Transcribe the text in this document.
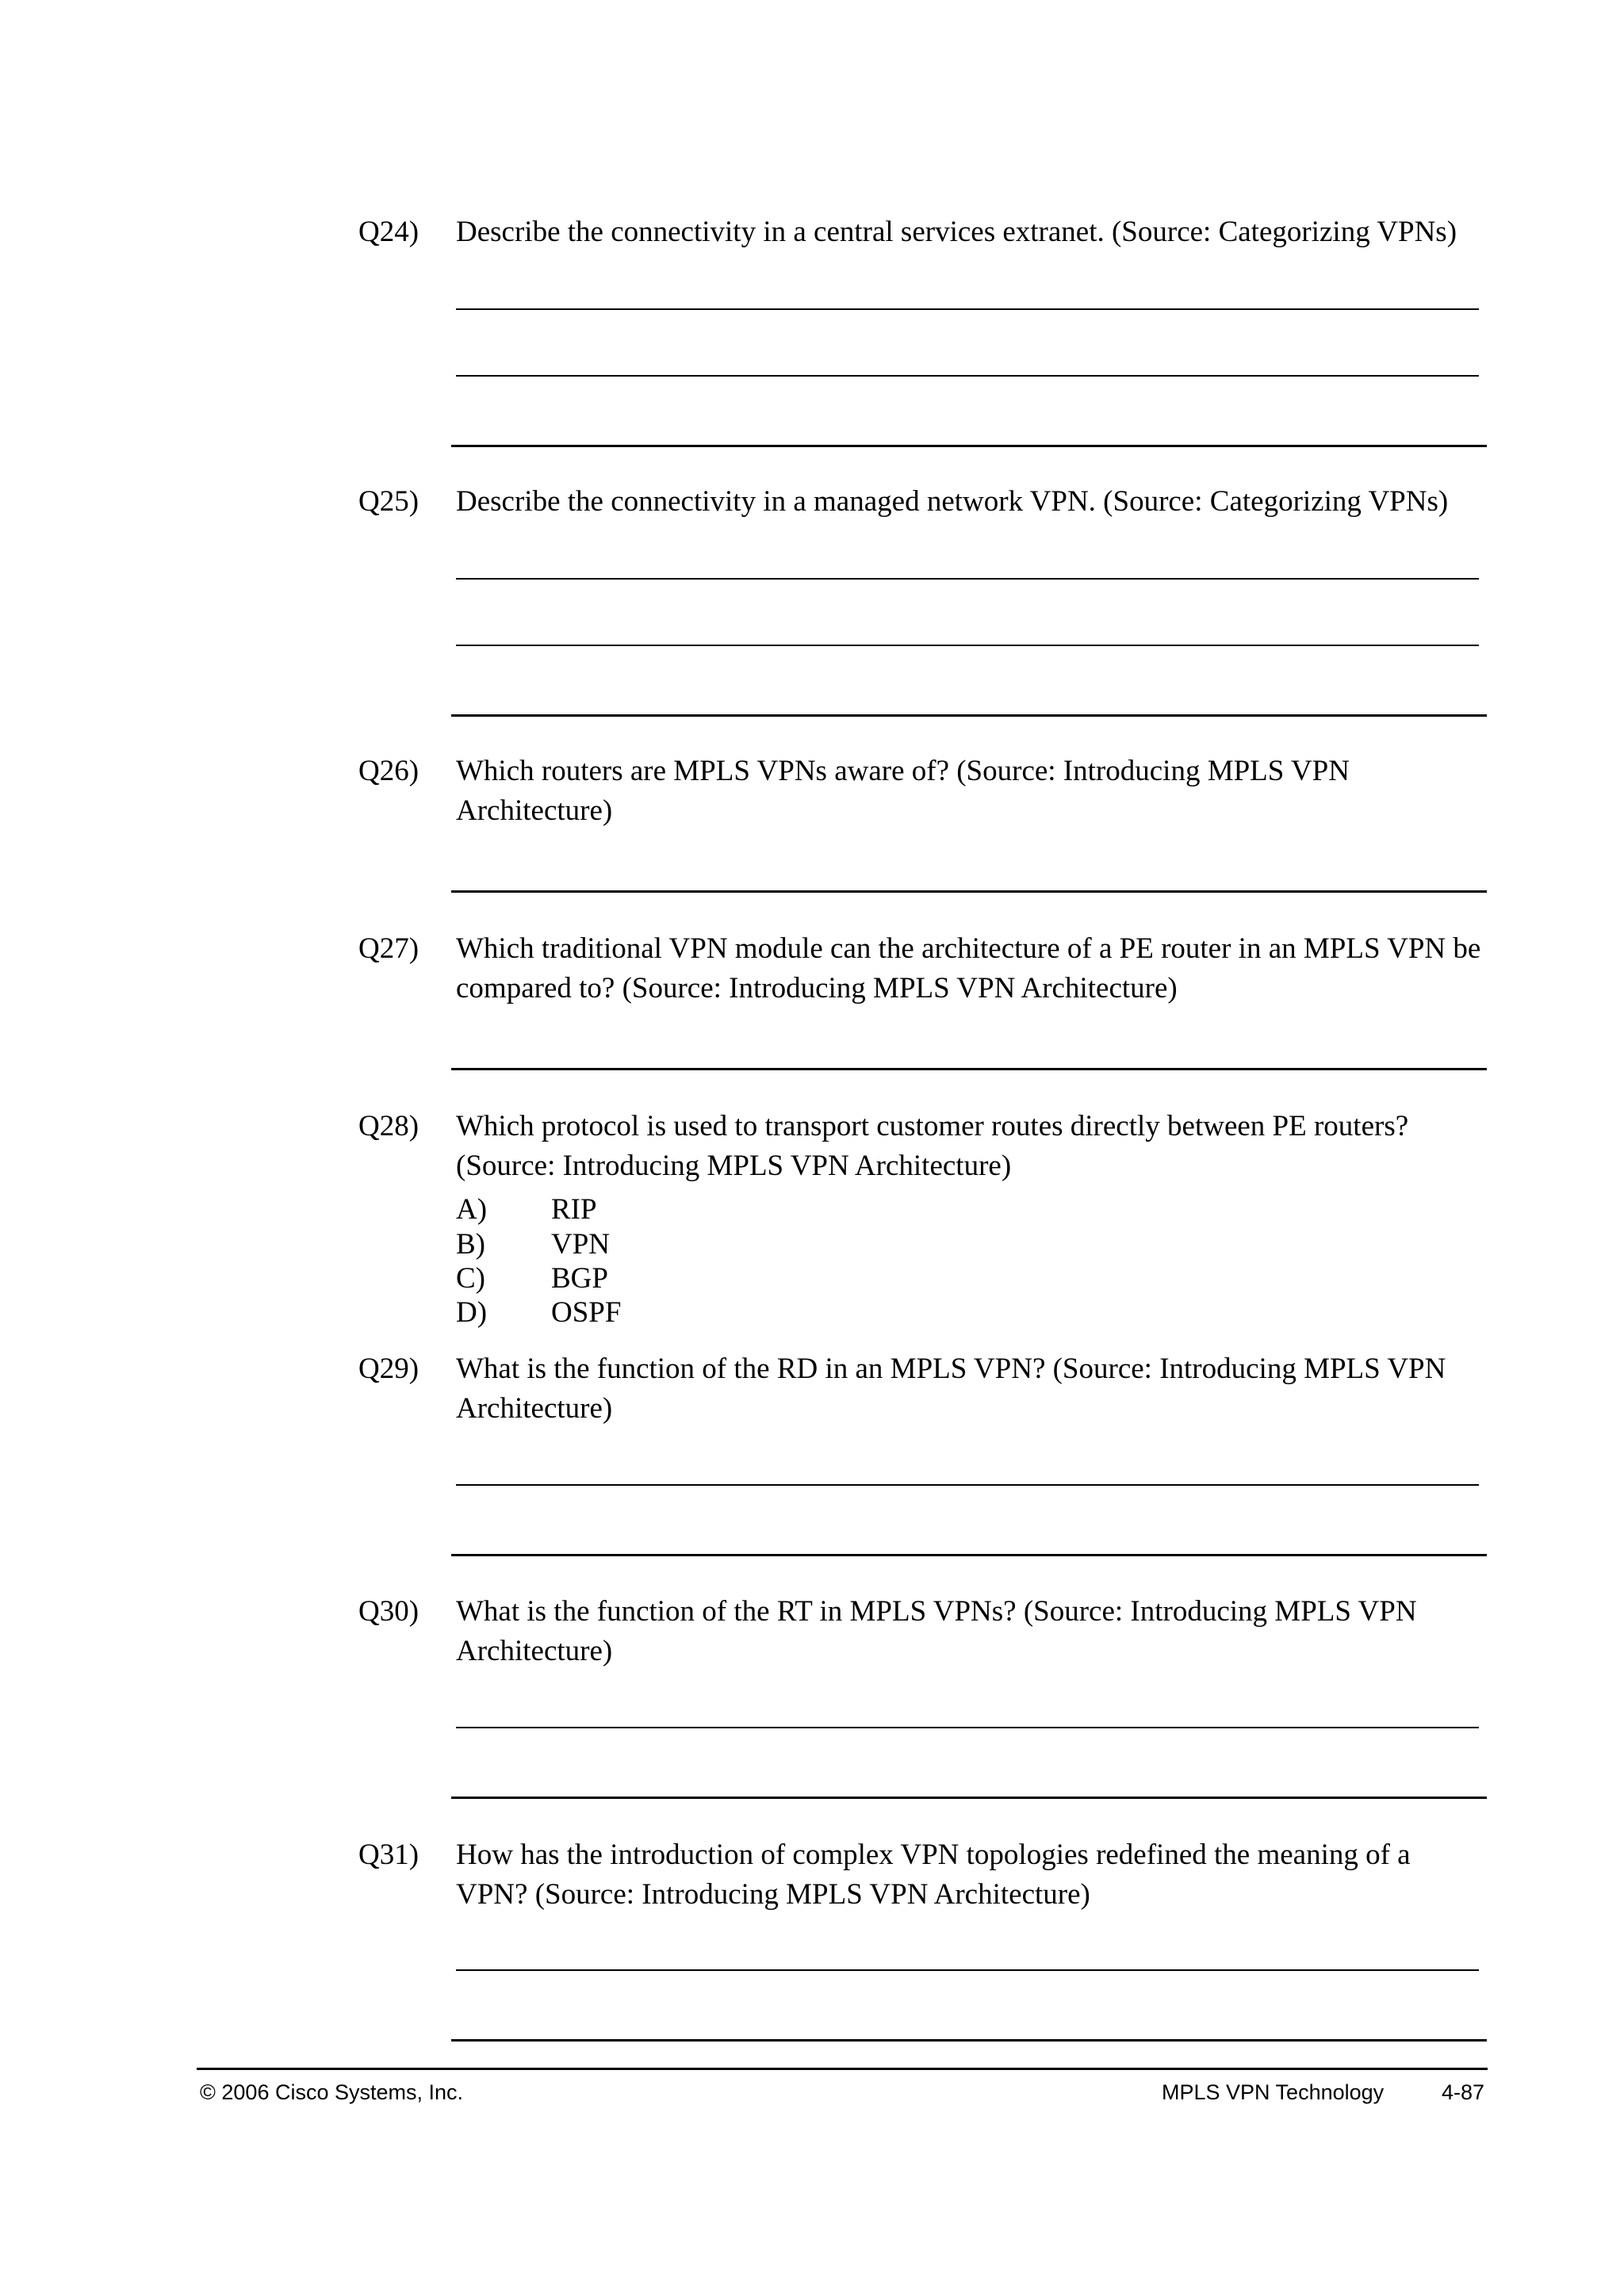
Q24) Describe the connectivity in a central services extranet. (Source: Categorizing VPNs)
Q25) Describe the connectivity in a managed network VPN. (Source: Categorizing VPNs)
Q26) Which routers are MPLS VPNs aware of? (Source: Introducing MPLS VPN
Architecture)
Q27) Which traditional VPN module can the architecture of a PE router in an MPLS VPN be
compared to? (Source: Introducing MPLS VPN Architecture)
Q28) Which protocol is used to transport customer routes directly between PE routers?
(Source: Introducing MPLS VPN Architecture)
A) RIP
B) VPN
C) BGP
D) OSPF
Q29) What is the function of the RD in an MPLS VPN? (Source: Introducing MPLS VPN
Architecture)
Q30) What is the function of the RT in MPLS VPNs? (Source: Introducing MPLS VPN
Architecture)
Q31) How has the introduction of complex VPN topologies redefined the meaning of a
VPN? (Source: Introducing MPLS VPN Architecture)
© 2006 Cisco Systems, Inc.	MPLS VPN Technology	4-87
